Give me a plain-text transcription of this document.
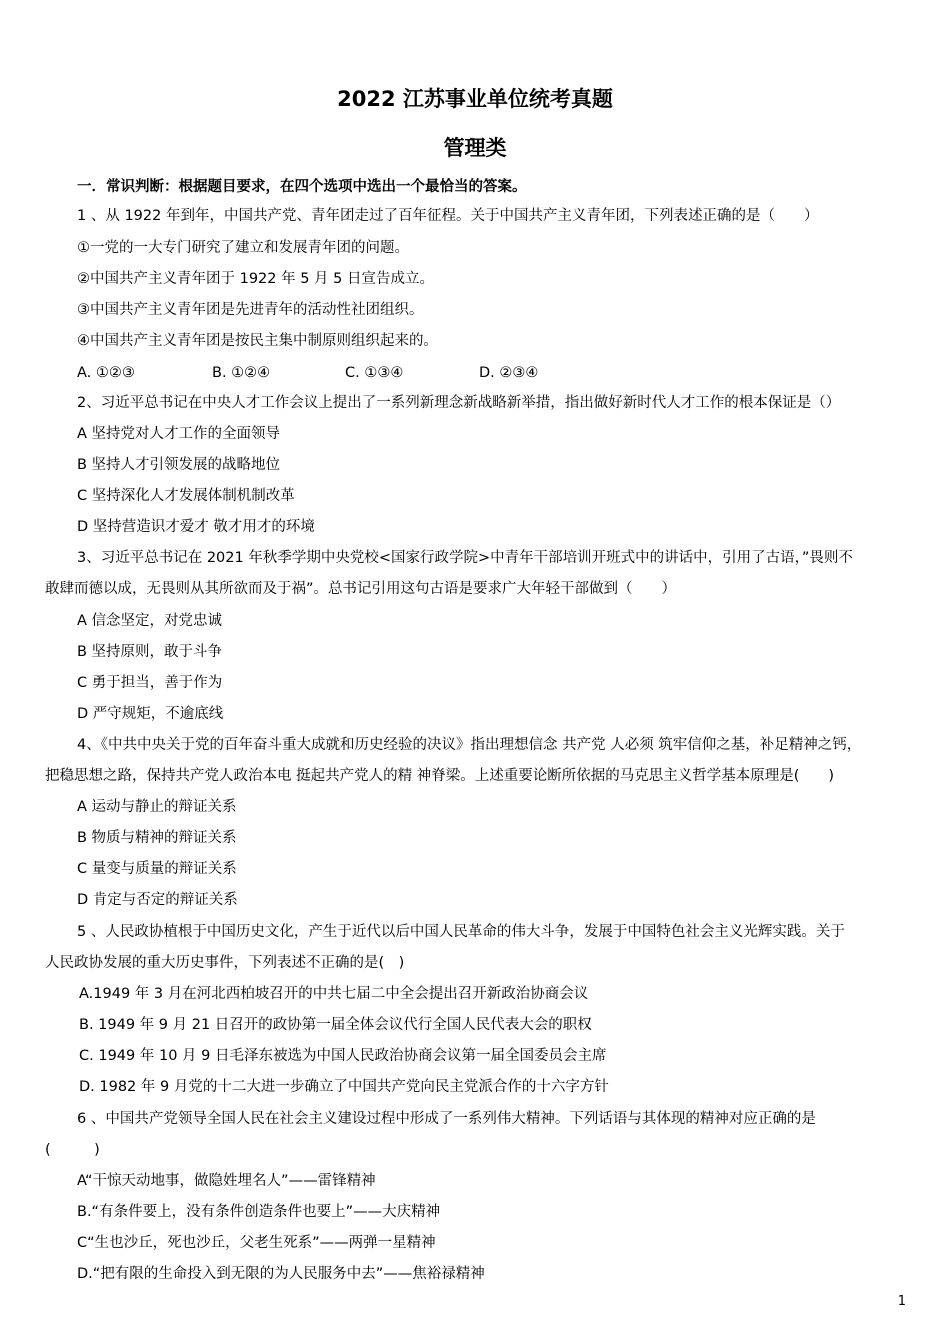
2022 江苏事业单位统考真题
管理类
一．常识判断：根据题目要求，在四个选项中选出一个最恰当的答案。
1 、从 1922 年到年，中国共产党、青年团走过了百年征程。关于中国共产主义青年团，下列表述正确的是（　　）
①一党的一大专门研究了建立和发展青年团的问题。
②中国共产主义青年团于 1922 年 5 月 5 日宣告成立。
③中国共产主义青年团是先进青年的活动性社团组织。
④中国共产主义青年团是按民主集中制原则组织起来的。
A. ①②③	B. ①②④	C. ①③④	D. ②③④
2、习近平总书记在中央人才工作会议上提出了一系列新理念新战略新举措，指出做好新时代人才工作的根本保证是（）
A 坚持党对人才工作的全面领导
B 坚持人才引领发展的战略地位
C 坚持深化人才发展体制机制改革
D 坚持营造识才爱才 敬才用才的环境
3、习近平总书记在 2021 年秋季学期中央党校<国家行政学院>中青年干部培训开班式中的讲话中，引用了古语，”畏则不
敢肆而德以成，无畏则从其所欲而及于祸”。总书记引用这句古语是要求广大年轻干部做到（　　）
A 信念坚定，对党忠诚
B 坚持原则，敢于斗争
C 勇于担当，善于作为
D 严守规矩，不逾底线
4、《中共中央关于党的百年奋斗重大成就和历史经验的决议》指出理想信念 共产党 人必须 筑牢信仰之基，补足精神之钙，
把稳思想之路，保持共产党人政治本电 挺起共产党人的精 神脊梁。上述重要论断所依据的马克思主义哲学基本原理是(　　)
A 运动与静止的辩证关系
B 物质与精神的辩证关系
C 量变与质量的辩证关系
D 肯定与否定的辩证关系
5 、人民政协植根于中国历史文化，产生于近代以后中国人民革命的伟大斗争，发展于中国特色社会主义光辉实践。关于
人民政协发展的重大历史事件，下列表述不正确的是(　)
A.1949 年 3 月在河北西柏坡召开的中共七届二中全会提出召开新政治协商会议
B. 1949 年 9 月 21 日召开的政协第一届全体会议代行全国人民代表大会的职权
C. 1949 年 10 月 9 日毛泽东被选为中国人民政治协商会议第一届全国委员会主席
D. 1982 年 9 月党的十二大进一步确立了中国共产党向民主党派合作的十六字方针
6 、中国共产党领导全国人民在社会主义建设过程中形成了一系列伟大精神。下列话语与其体现的精神对应正确的是
(　　　)
A“干惊天动地事，做隐姓埋名人”——雷锋精神
B.“有条件要上，没有条件创造条件也要上”——大庆精神
C“生也沙丘，死也沙丘，父老生死系”——两弹一星精神
D.“把有限的生命投入到无限的为人民服务中去”——焦裕禄精神
1
